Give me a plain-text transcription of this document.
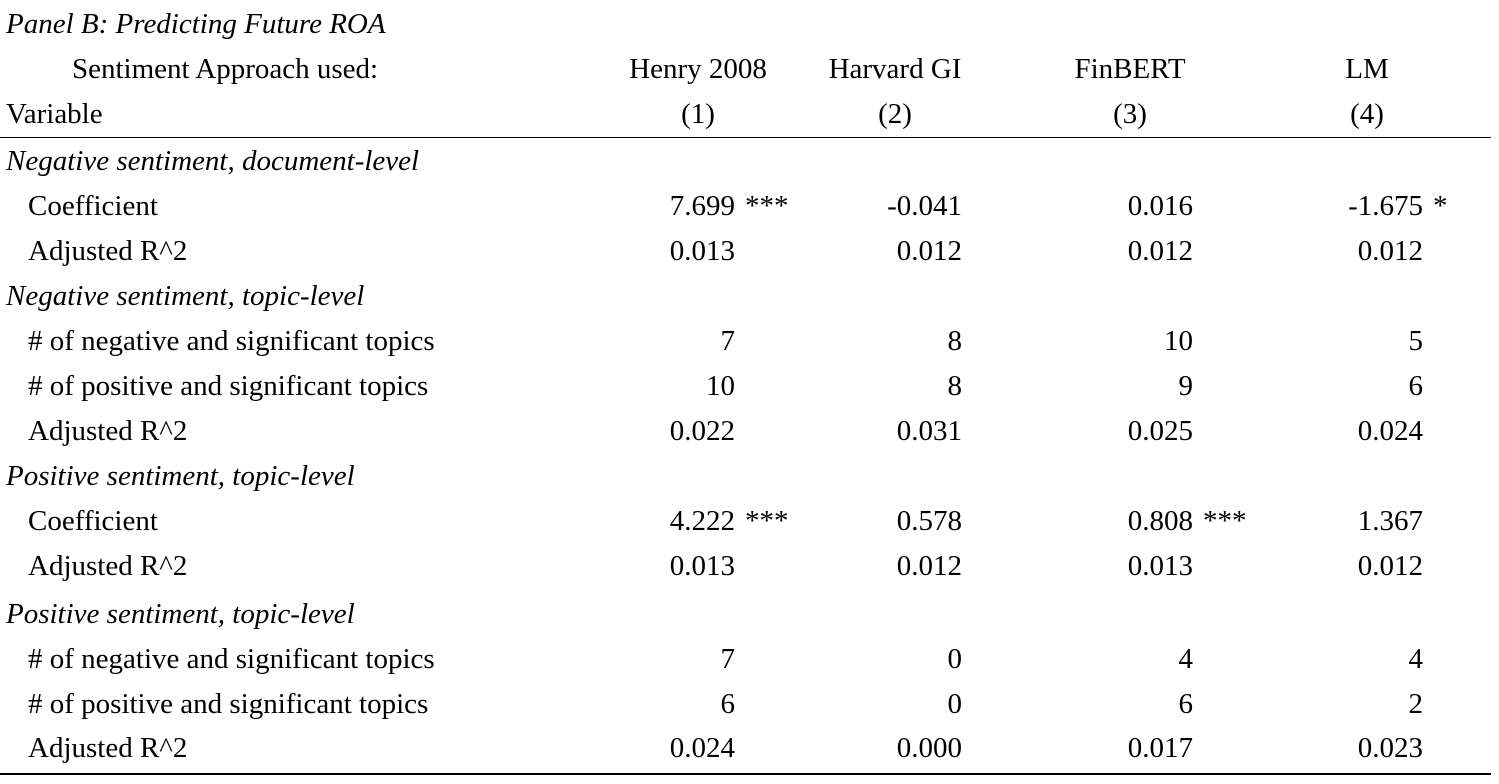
Panel B: Predicting Future ROA
Sentiment Approach used:	Henry 2008	Harvard GI	FinBERT	LM
Variable	(1)	(2)	(3)	(4)
Negative sentiment, document-level
Coefficient	7.699 ***	-0.041	0.016	-1.675 *
Adjusted R^2	0.013	0.012	0.012	0.012
Negative sentiment, topic-level
# of negative and significant topics	7	8	10	5
# of positive and significant topics	10	8	9	6
Adjusted R^2	0.022	0.031	0.025	0.024
Positive sentiment, topic-level
Coefficient	4.222 ***	0.578	0.808 ***	1.367
Adjusted R^2	0.013	0.012	0.013	0.012
Positive sentiment, topic-level
# of negative and significant topics	7	0	4	4
# of positive and significant topics	6	0	6	2
Adjusted R^2	0.024	0.000	0.017	0.023
